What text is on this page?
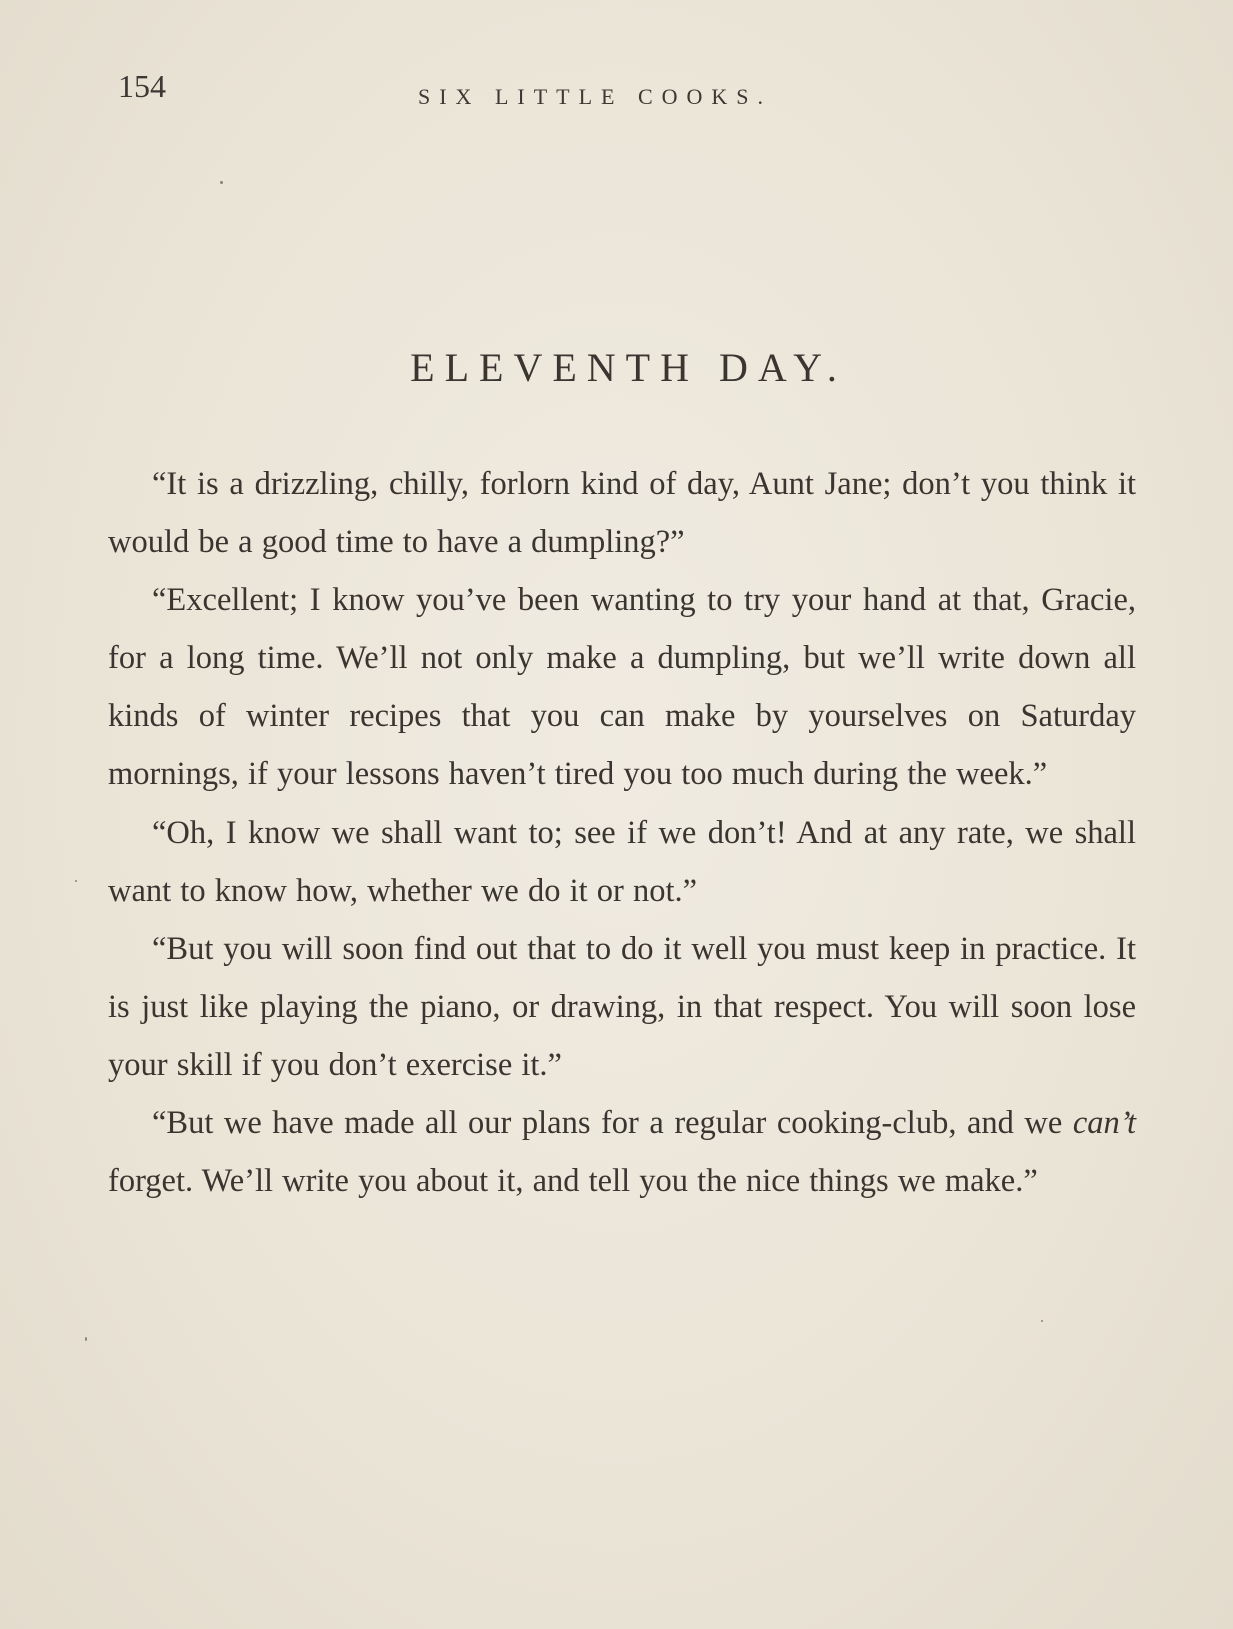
154	SIX LITTLE COOKS.
ELEVENTH DAY.

“It is a drizzling, chilly, forlorn kind of day, Aunt Jane; don’t you think it would be a good time to have a dumpling?”

“Excellent; I know you’ve been wanting to try your hand at that, Gracie, for a long time. We’ll not only make a dumpling, but we’ll write down all kinds of winter recipes that you can make by yourselves on Saturday mornings, if your lessons haven’t tired you too much during the week.”

“Oh, I know we shall want to; see if we don’t! And at any rate, we shall want to know how, whether we do it or not.”

“But you will soon find out that to do it well you must keep in practice. It is just like playing the piano, or drawing, in that respect. You will soon lose your skill if you don’t exercise it.”

“But we have made all our plans for a regular cooking-club, and we can’t forget. We’ll write you about it, and tell you the nice things we make.”
